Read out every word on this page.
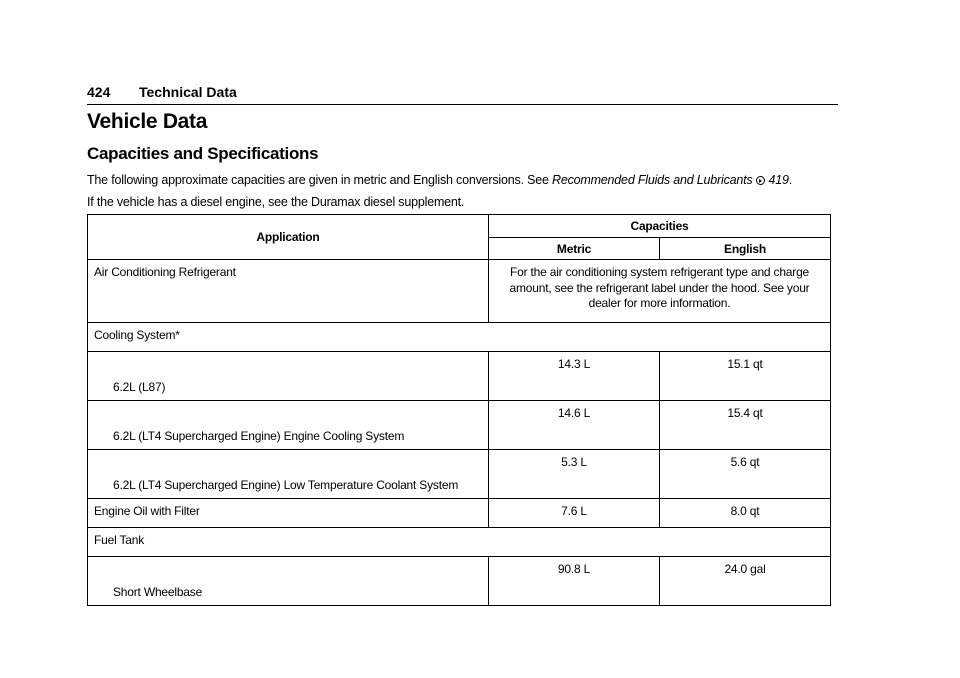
424	Technical Data
Vehicle Data
Capacities and Specifications

The following approximate capacities are given in metric and English conversions. See Recommended Fluids and Lubricants 419.

If the vehicle has a diesel engine, see the Duramax diesel supplement.

Application	Capacities	
	Metric	English
Air Conditioning Refrigerant	For the air conditioning system refrigerant type and charge amount, see the refrigerant label under the hood. See your dealer for more information.	
Cooling System*		

6.2L (L87)	14.3 L	15.1 qt

6.2L (LT4 Supercharged Engine) Engine Cooling System	14.6 L	15.4 qt

6.2L (LT4 Supercharged Engine) Low Temperature Coolant System	5.3 L	5.6 qt
Engine Oil with Filter	7.6 L	8.0 qt
Fuel Tank		

Short Wheelbase	90.8 L	24.0 gal
